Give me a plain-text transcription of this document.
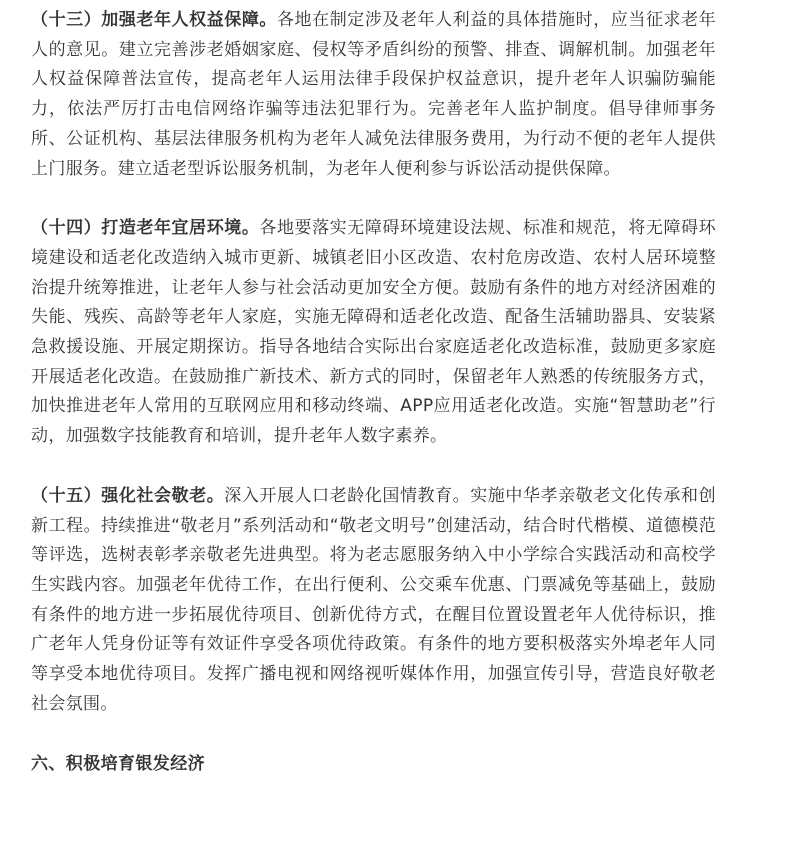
（十三）加强老年人权益保障。各地在制定涉及老年人利益的具体措施时，应当征求老年人的意见。建立完善涉老婚姻家庭、侵权等矛盾纠纷的预警、排查、调解机制。加强老年人权益保障普法宣传，提高老年人运用法律手段保护权益意识，提升老年人识骗防骗能力，依法严厉打击电信网络诈骗等违法犯罪行为。完善老年人监护制度。倡导律师事务所、公证机构、基层法律服务机构为老年人减免法律服务费用，为行动不便的老年人提供上门服务。建立适老型诉讼服务机制，为老年人便利参与诉讼活动提供保障。

（十四）打造老年宜居环境。各地要落实无障碍环境建设法规、标准和规范，将无障碍环境建设和适老化改造纳入城市更新、城镇老旧小区改造、农村危房改造、农村人居环境整治提升统筹推进，让老年人参与社会活动更加安全方便。鼓励有条件的地方对经济困难的失能、残疾、高龄等老年人家庭，实施无障碍和适老化改造、配备生活辅助器具、安装紧急救援设施、开展定期探访。指导各地结合实际出台家庭适老化改造标准，鼓励更多家庭开展适老化改造。在鼓励推广新技术、新方式的同时，保留老年人熟悉的传统服务方式，加快推进老年人常用的互联网应用和移动终端、APP应用适老化改造。实施“智慧助老”行动，加强数字技能教育和培训，提升老年人数字素养。

（十五）强化社会敬老。深入开展人口老龄化国情教育。实施中华孝亲敬老文化传承和创新工程。持续推进“敬老月”系列活动和“敬老文明号”创建活动，结合时代楷模、道德模范等评选，选树表彰孝亲敬老先进典型。将为老志愿服务纳入中小学综合实践活动和高校学生实践内容。加强老年优待工作，在出行便利、公交乘车优惠、门票减免等基础上，鼓励有条件的地方进一步拓展优待项目、创新优待方式，在醒目位置设置老年人优待标识，推广老年人凭身份证等有效证件享受各项优待政策。有条件的地方要积极落实外埠老年人同等享受本地优待项目。发挥广播电视和网络视听媒体作用，加强宣传引导，营造良好敬老社会氛围。

六、积极培育银发经济
